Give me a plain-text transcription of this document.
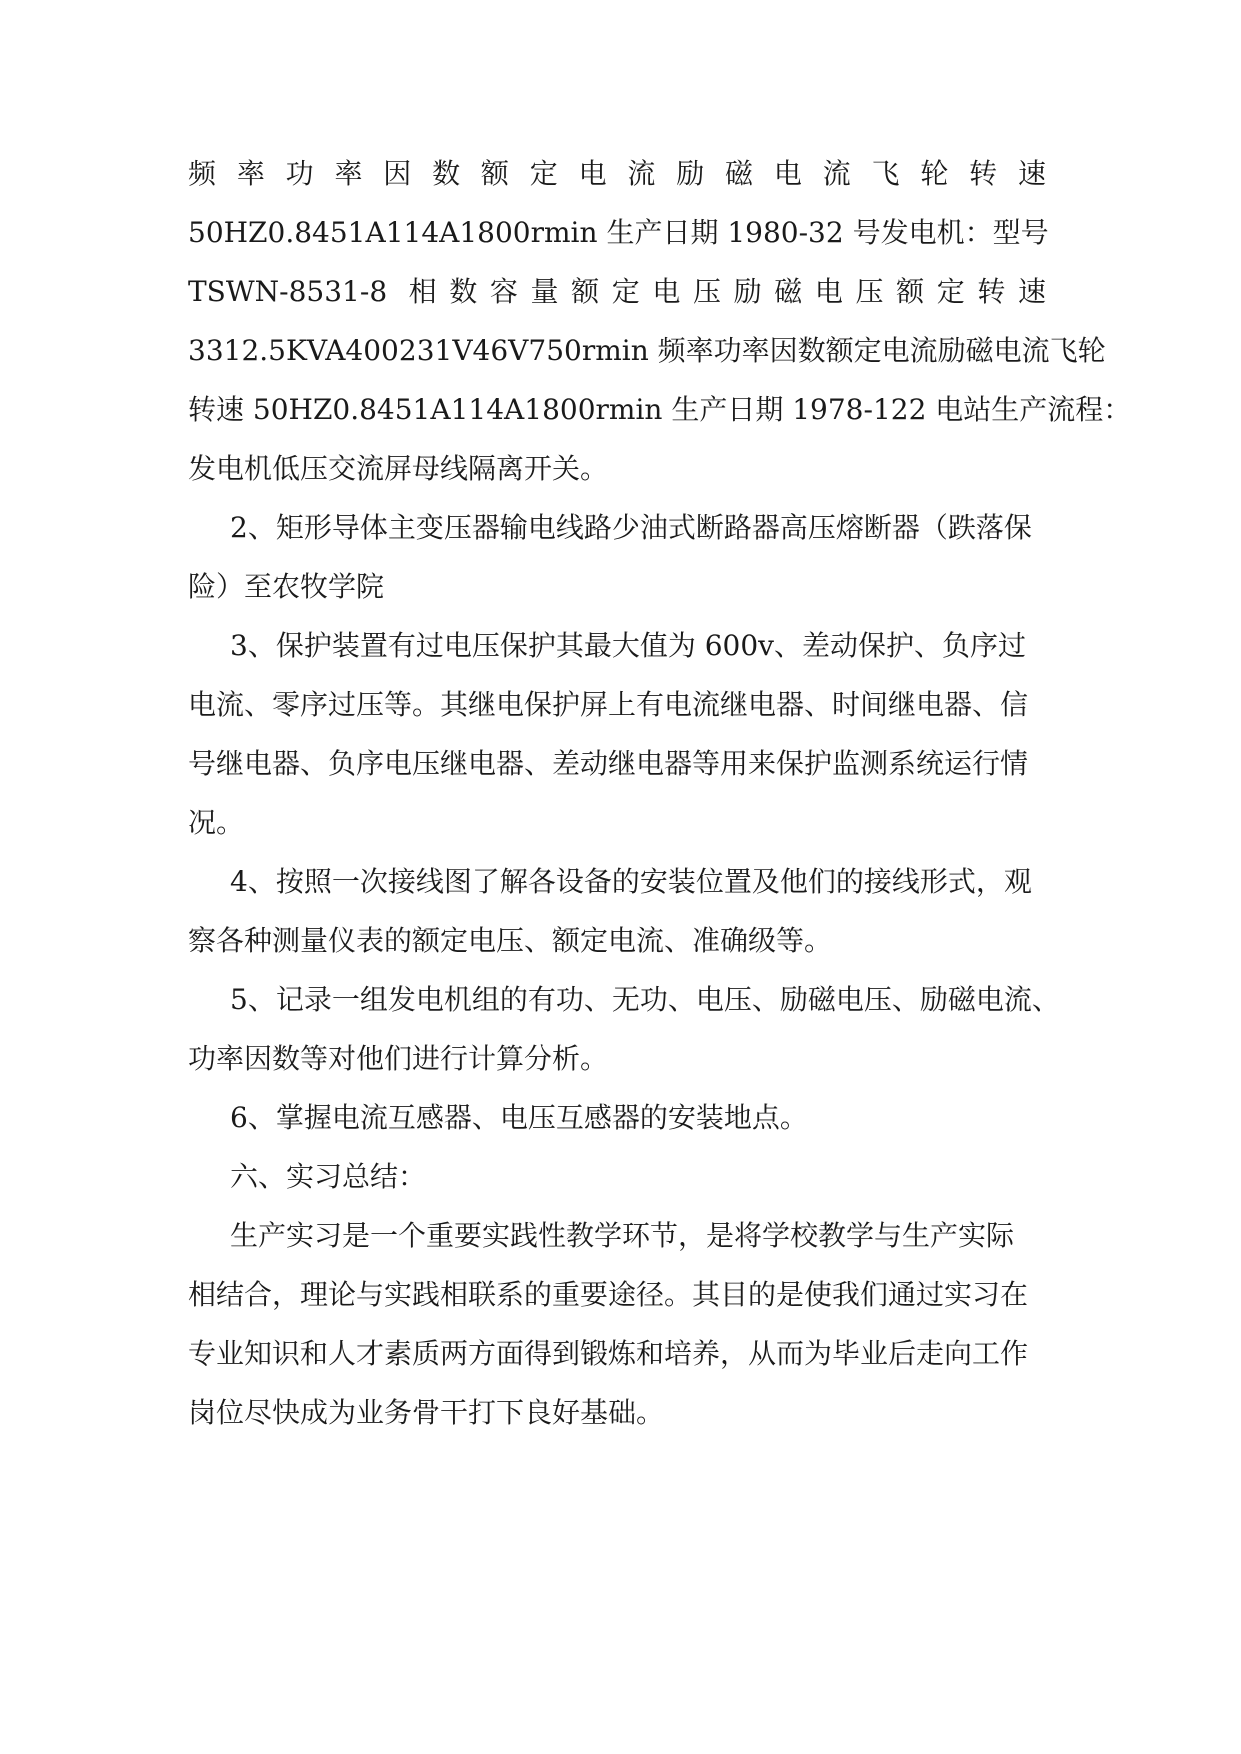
频率功率因数额定电流励磁电流飞轮转速
50HZ0.8451A114A1800rmin 生产日期 1980-32 号发电机：型号
TSWN-8531-8 相数容量额定电压励磁电压额定转速
3312.5KVA400231V46V750rmin 频率功率因数额定电流励磁电流飞轮
转速 50HZ0.8451A114A1800rmin 生产日期 1978-122 电站生产流程：
发电机低压交流屏母线隔离开关。
2、矩形导体主变压器输电线路少油式断路器高压熔断器（跌落保
险）至农牧学院
3、保护装置有过电压保护其最大值为 600v、差动保护、负序过
电流、零序过压等。其继电保护屏上有电流继电器、时间继电器、信
号继电器、负序电压继电器、差动继电器等用来保护监测系统运行情
况。
4、按照一次接线图了解各设备的安装位置及他们的接线形式，观
察各种测量仪表的额定电压、额定电流、准确级等。
5、记录一组发电机组的有功、无功、电压、励磁电压、励磁电流、
功率因数等对他们进行计算分析。
6、掌握电流互感器、电压互感器的安装地点。
六、实习总结：
生产实习是一个重要实践性教学环节，是将学校教学与生产实际
相结合，理论与实践相联系的重要途径。其目的是使我们通过实习在
专业知识和人才素质两方面得到锻炼和培养，从而为毕业后走向工作
岗位尽快成为业务骨干打下良好基础。
